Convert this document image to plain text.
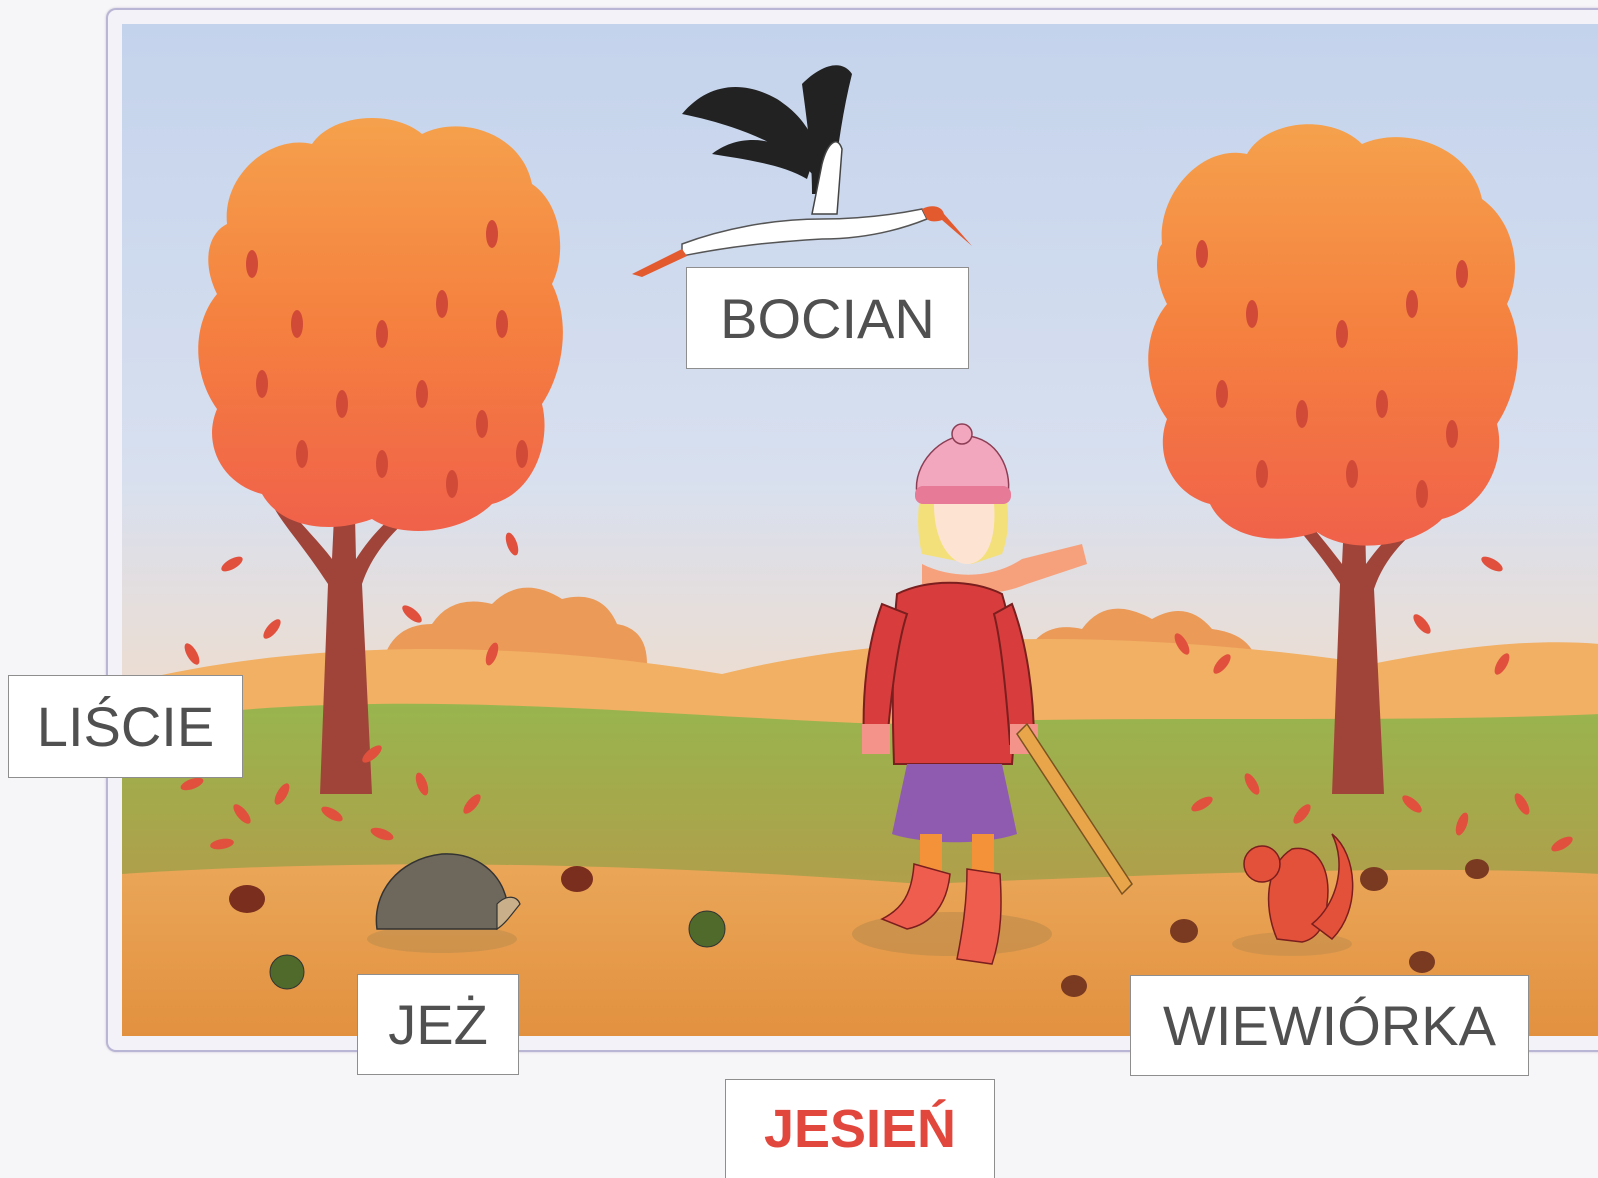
BOCIAN
LIŚCIE
JEŻ	WIEWIÓRKA
JESIEŃ
